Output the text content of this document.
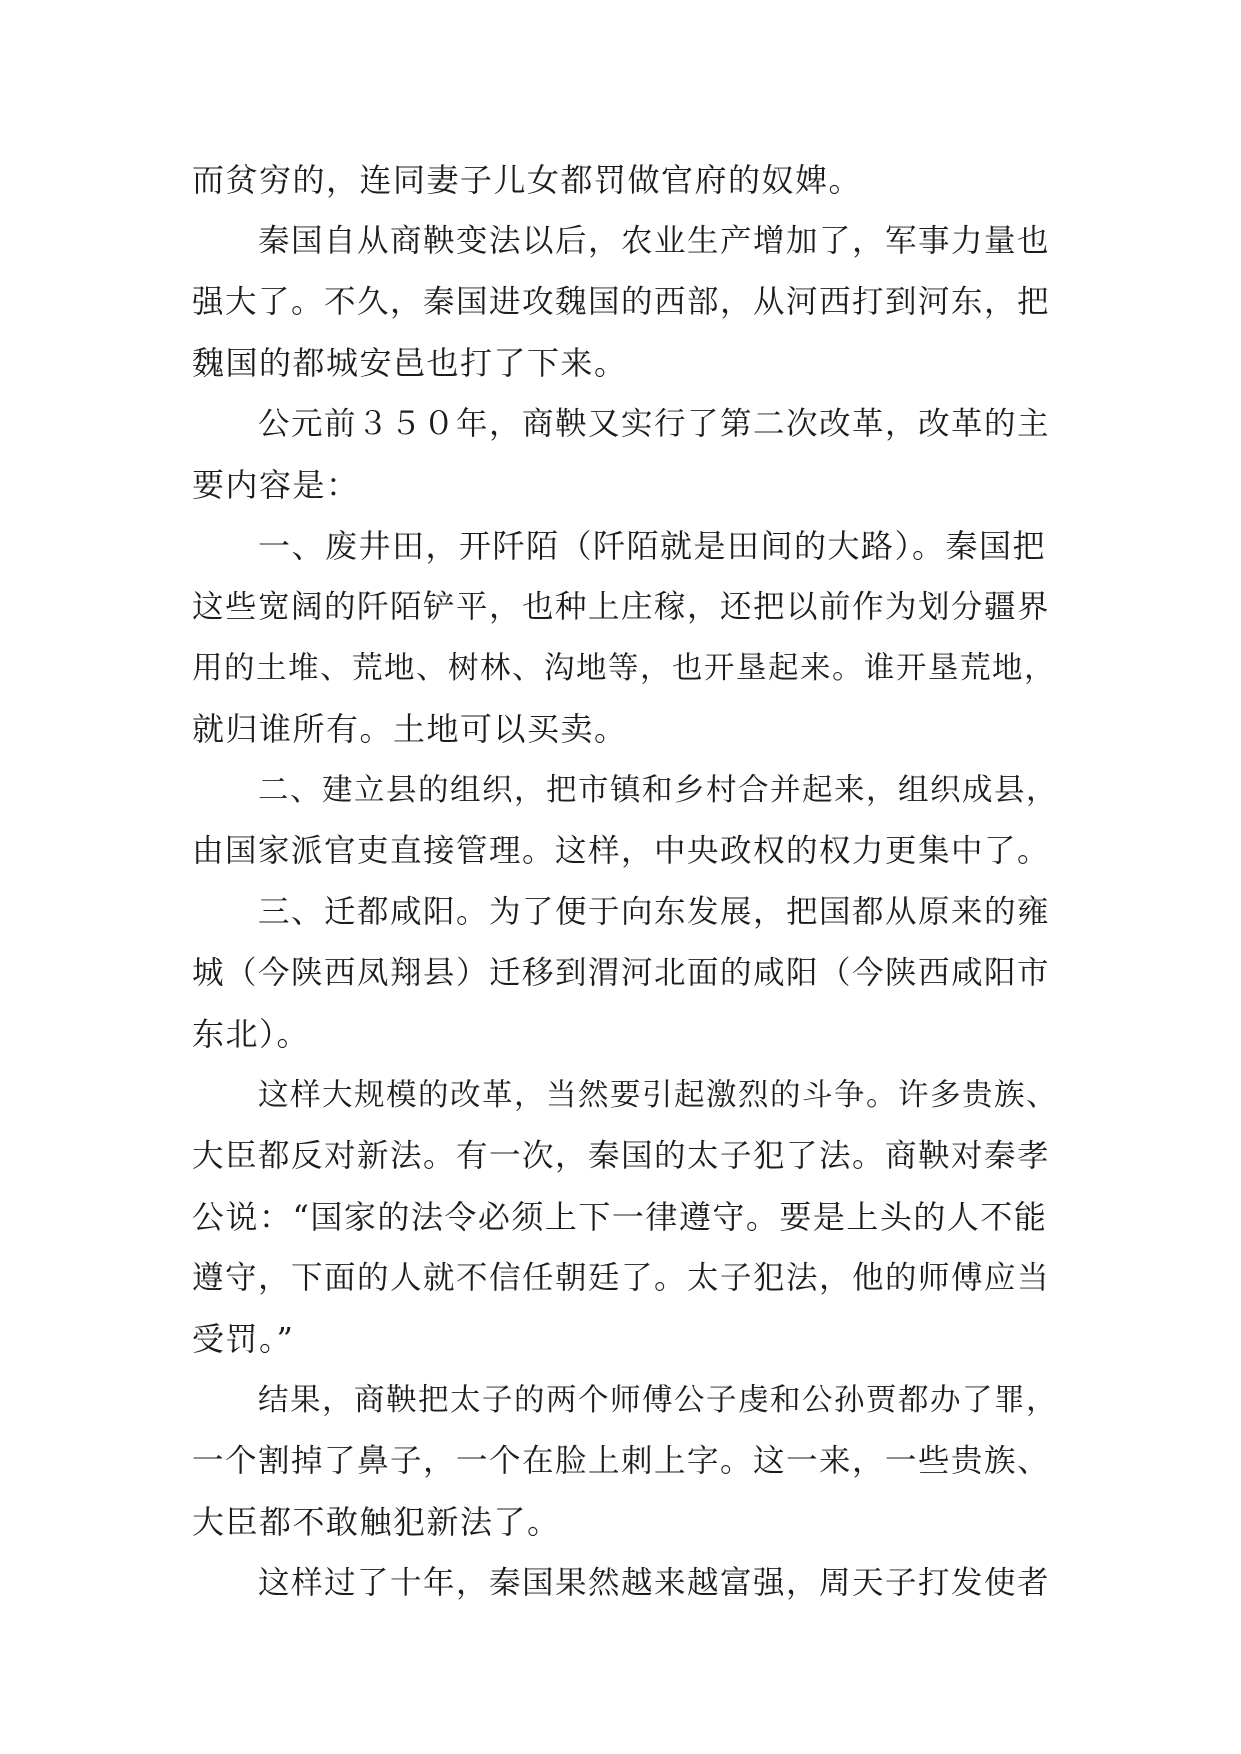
而贫穷的，连同妻子儿女都罚做官府的奴婢。
秦国自从商鞅变法以后，农业生产增加了，军事力量也
强大了。不久，秦国进攻魏国的西部，从河西打到河东，把
魏国的都城安邑也打了下来。
公元前３５０年，商鞅又实行了第二次改革，改革的主
要内容是：
一、废井田，开阡陌（阡陌就是田间的大路）。秦国把
这些宽阔的阡陌铲平，也种上庄稼，还把以前作为划分疆界
用的土堆、荒地、树林、沟地等，也开垦起来。谁开垦荒地，
就归谁所有。土地可以买卖。
二、建立县的组织，把市镇和乡村合并起来，组织成县，
由国家派官吏直接管理。这样，中央政权的权力更集中了。
三、迁都咸阳。为了便于向东发展，把国都从原来的雍
城（今陕西凤翔县）迁移到渭河北面的咸阳（今陕西咸阳市
东北）。
这样大规模的改革，当然要引起激烈的斗争。许多贵族、
大臣都反对新法。有一次，秦国的太子犯了法。商鞅对秦孝
公说：“国家的法令必须上下一律遵守。要是上头的人不能
遵守，下面的人就不信任朝廷了。太子犯法，他的师傅应当
受罚。”
结果，商鞅把太子的两个师傅公子虔和公孙贾都办了罪，
一个割掉了鼻子，一个在脸上刺上字。这一来，一些贵族、
大臣都不敢触犯新法了。
这样过了十年，秦国果然越来越富强，周天子打发使者
